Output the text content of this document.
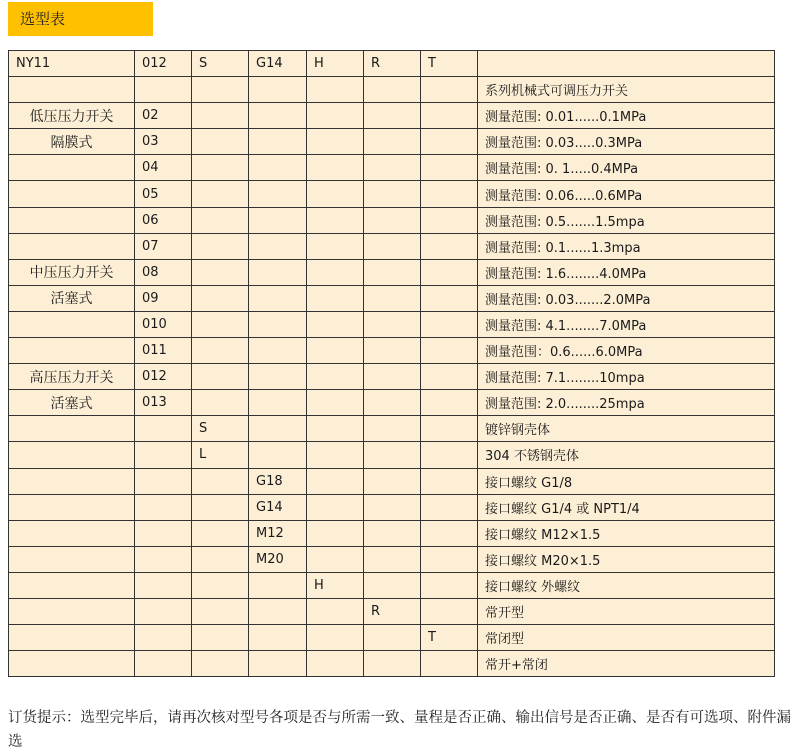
选型表
NY11	012	S	G14	H	R	T	
							系列机械式可调压力开关
低压压力开关	02						测量范围: 0.01......0.1MPa
隔膜式	03						测量范围: 0.03.....0.3MPa
	04						测量范围: 0. 1.....0.4MPa
	05						测量范围: 0.06.....0.6MPa
	06						测量范围: 0.5.......1.5mpa
	07						测量范围: 0.1......1.3mpa
中压压力开关	08						测量范围: 1.6........4.0MPa
活塞式	09						测量范围: 0.03.......2.0MPa
	010						测量范围: 4.1........7.0MPa
	011						测量范围：0.6......6.0MPa
高压压力开关	012						测量范围: 7.1........10mpa
活塞式	013						测量范围: 2.0........25mpa
		S					镀锌钢壳体
		L					304 不锈钢壳体
			G18				接口螺纹 G1/8
			G14				接口螺纹 G1/4 或 NPT1/4
			M12				接口螺纹 M12×1.5
			M20				接口螺纹 M20×1.5
				H			接口螺纹 外螺纹
					R		常开型
						T	常闭型
							常开+常闭
订货提示：选型完毕后，请再次核对型号各项是否与所需一致、量程是否正确、输出信号是否正确、是否有可选项、附件漏选
